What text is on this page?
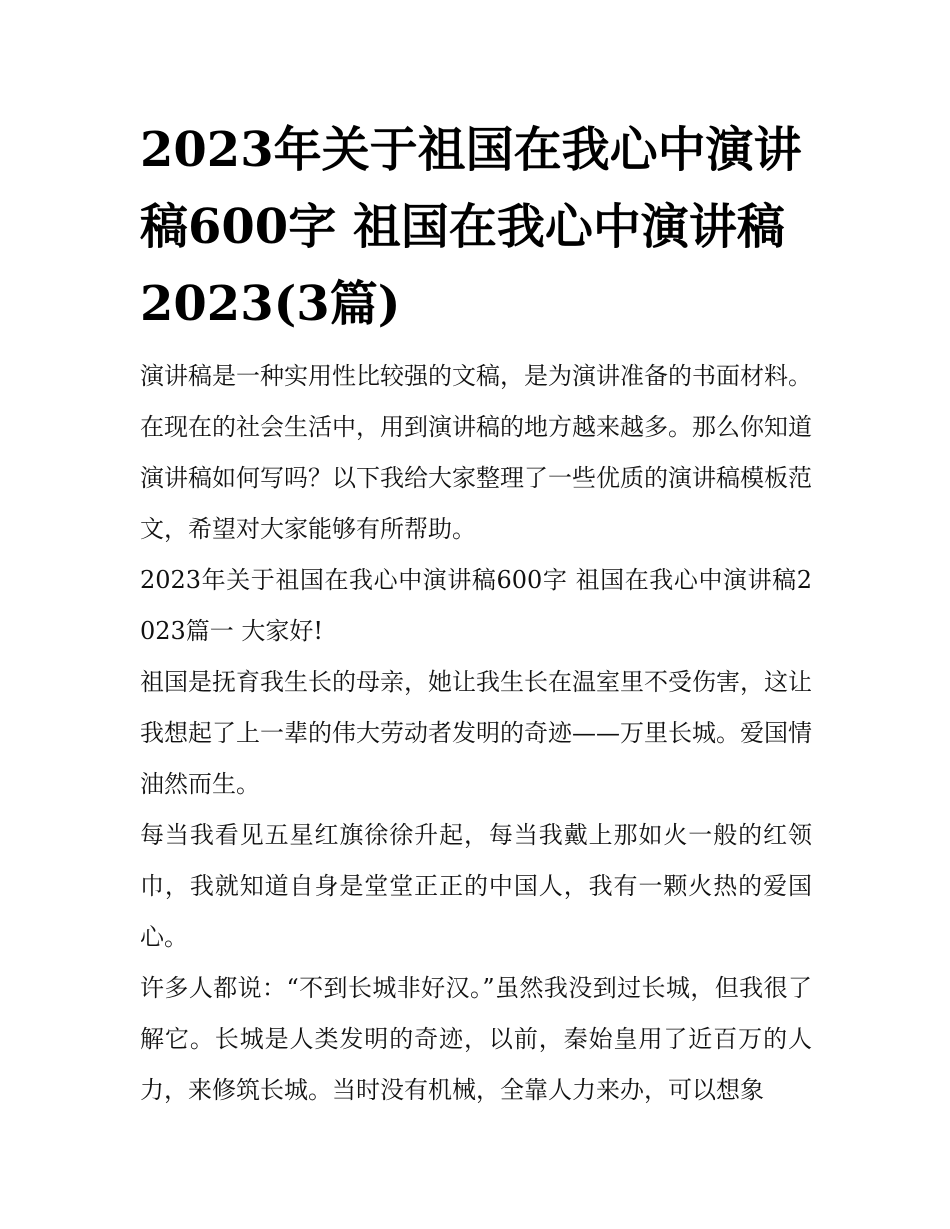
2023年关于祖国在我心中演讲稿600字 祖国在我心中演讲稿2023(3篇)

演讲稿是一种实用性比较强的文稿，是为演讲准备的书面材料。在现在的社会生活中，用到演讲稿的地方越来越多。那么你知道演讲稿如何写吗？以下我给大家整理了一些优质的演讲稿模板范文，希望对大家能够有所帮助。

2023年关于祖国在我心中演讲稿600字 祖国在我心中演讲稿2023篇一 大家好!

祖国是抚育我生长的母亲，她让我生长在温室里不受伤害，这让我想起了上一辈的伟大劳动者发明的奇迹——万里长城。爱国情油然而生。

每当我看见五星红旗徐徐升起，每当我戴上那如火一般的红领巾，我就知道自身是堂堂正正的中国人，我有一颗火热的爱国心。

许多人都说：“不到长城非好汉。”虽然我没到过长城，但我很了解它。长城是人类发明的奇迹，以前，秦始皇用了近百万的人力，来修筑长城。当时没有机械，全靠人力来办，可以想象
